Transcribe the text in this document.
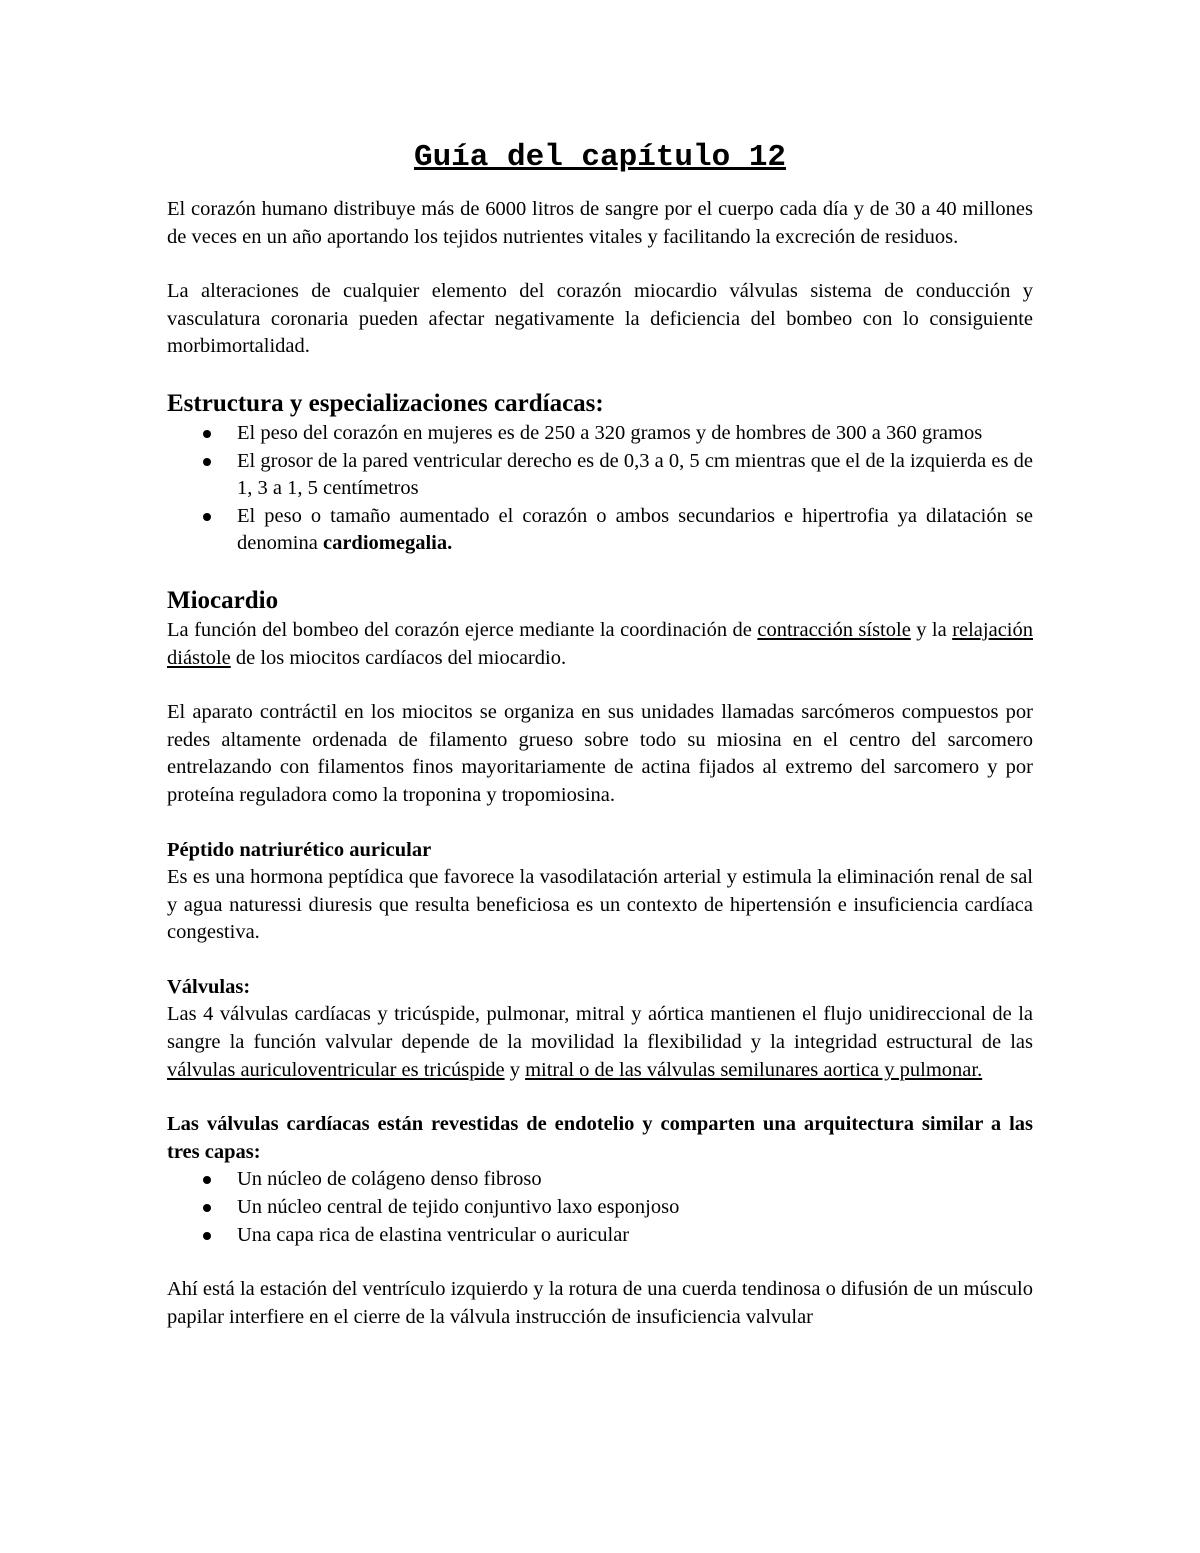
Guía del capítulo 12

El corazón humano distribuye más de 6000 litros de sangre por el cuerpo cada día y de 30 a 40 millones de veces en un año aportando los tejidos nutrientes vitales y facilitando la excreción de residuos.

La alteraciones de cualquier elemento del corazón miocardio válvulas sistema de conducción y vasculatura coronaria pueden afectar negativamente la deficiencia del bombeo con lo consiguiente morbimortalidad.

Estructura y especializaciones cardíacas:
El peso del corazón en mujeres es de 250 a 320 gramos y de hombres de 300 a 360 gramos
El grosor de la pared ventricular derecho es de 0,3 a 0, 5 cm mientras que el de la izquierda es de 1, 3 a 1, 5 centímetros
El peso o tamaño aumentado el corazón o ambos secundarios e hipertrofia ya dilatación se denomina cardiomegalia.
Miocardio

La función del bombeo del corazón ejerce mediante la coordinación de contracción sístole y la relajación diástole de los miocitos cardíacos del miocardio.

El aparato contráctil en los miocitos se organiza en sus unidades llamadas sarcómeros compuestos por redes altamente ordenada de filamento grueso sobre todo su miosina en el centro del sarcomero entrelazando con filamentos finos mayoritariamente de actina fijados al extremo del sarcomero y por proteína reguladora como la troponina y tropomiosina.

Péptido natriurético auricular

Es es una hormona peptídica que favorece la vasodilatación arterial y estimula la eliminación renal de sal y agua naturessi diuresis que resulta beneficiosa es un contexto de hipertensión e insuficiencia cardíaca congestiva.

Válvulas:

Las 4 válvulas cardíacas y tricúspide, pulmonar, mitral y aórtica mantienen el flujo unidireccional de la sangre la función valvular depende de la movilidad la flexibilidad y la integridad estructural de las válvulas auriculoventricular es tricúspide y mitral o de las válvulas semilunares aortica y pulmonar.

Las válvulas cardíacas están revestidas de endotelio y comparten una arquitectura similar a las tres capas:
Un núcleo de colágeno denso fibroso
Un núcleo central de tejido conjuntivo laxo esponjoso
Una capa rica de elastina ventricular o auricular

Ahí está la estación del ventrículo izquierdo y la rotura de una cuerda tendinosa o difusión de un músculo papilar interfiere en el cierre de la válvula instrucción de insuficiencia valvular
